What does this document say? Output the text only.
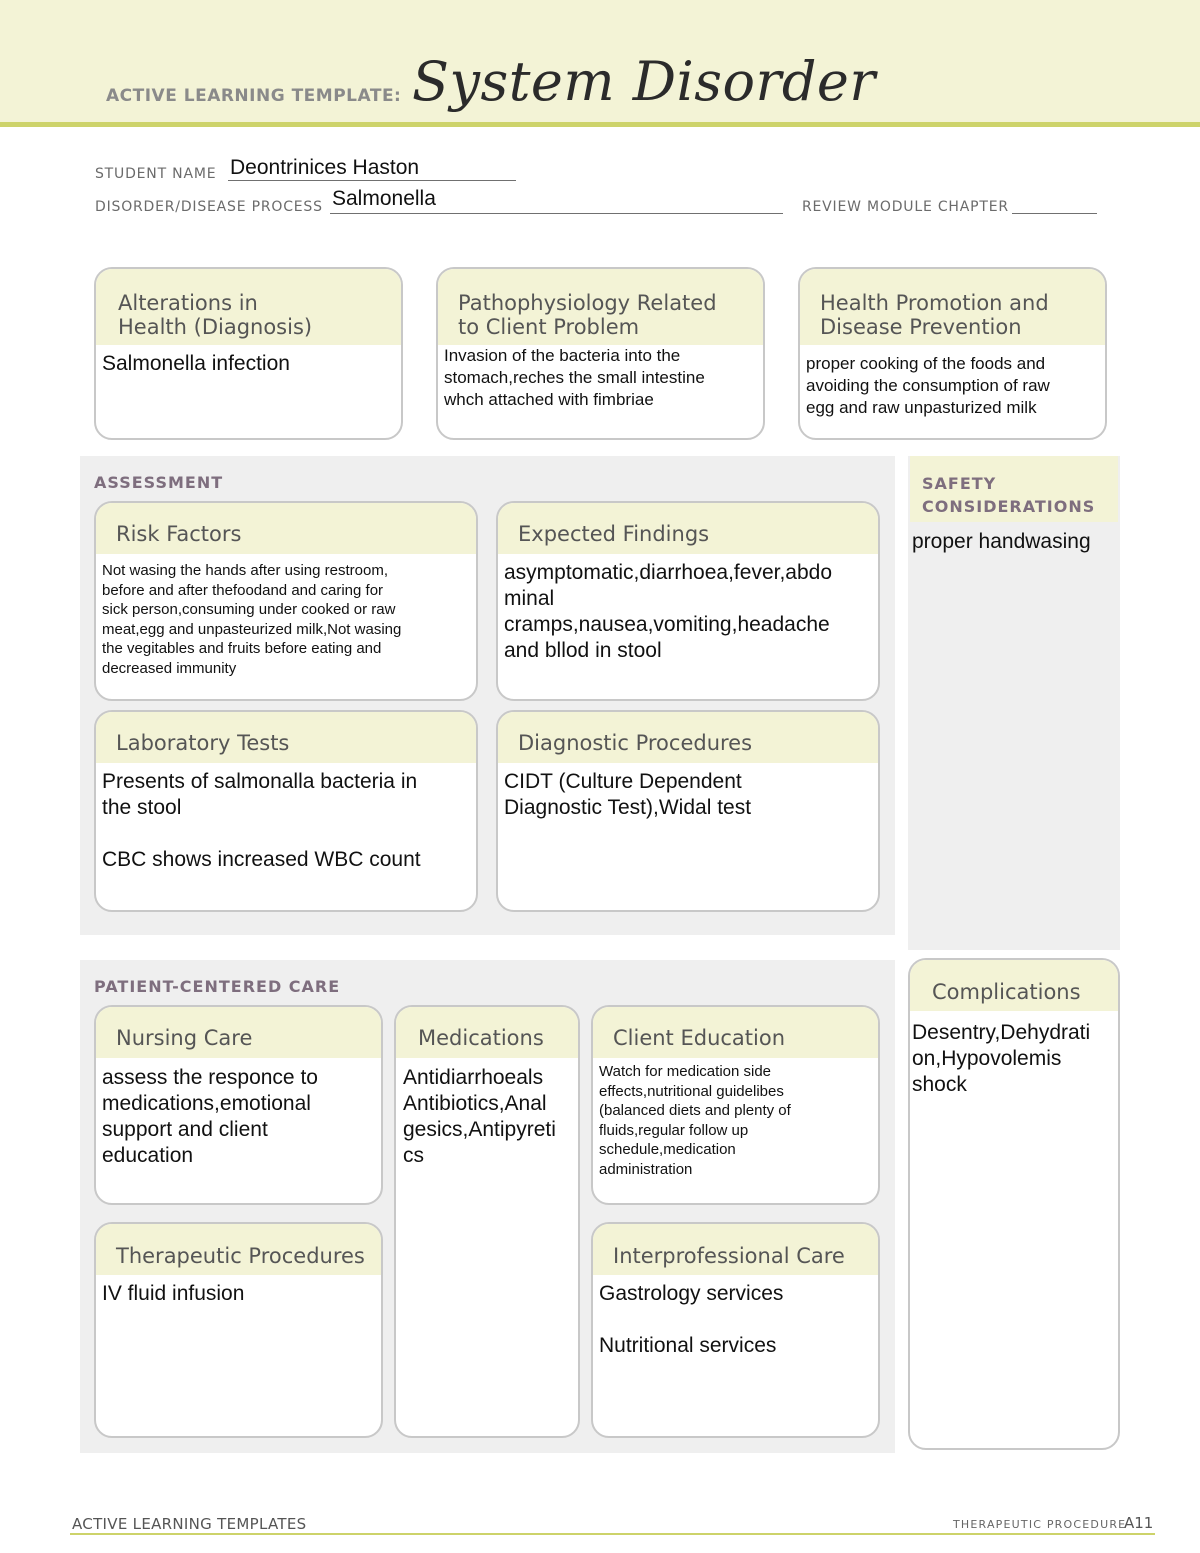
ACTIVE LEARNING TEMPLATE: System Disorder
STUDENT NAME Deontrinices Haston
DISORDER/DISEASE PROCESS Salmonella	REVIEW MODULE CHAPTER
Alterations in
Health (Diagnosis)
Salmonella infection
Pathophysiology Related
to Client Problem
Invasion of the bacteria into the
stomach,reches the small intestine
whch attached with fimbriae
Health Promotion and
Disease Prevention
proper cooking of the foods and
avoiding the consumption of raw
egg and raw unpasturized milk
ASSESSMENT
Risk Factors
Not wasing the hands after using restroom,
before and after thefoodand and caring for
sick person,consuming under cooked or raw
meat,egg and unpasteurized milk,Not wasing
the vegitables and fruits before eating and
decreased immunity
Expected Findings
asymptomatic,diarrhoea,fever,abdo
minal
cramps,nausea,vomiting,headache
and bllod in stool
Laboratory Tests
Presents of salmonalla bacteria in
the stool

CBC shows increased WBC count
Diagnostic Procedures
CIDT (Culture Dependent
Diagnostic Test),Widal test
SAFETY
CONSIDERATIONS
proper handwasing
PATIENT-CENTERED CARE
Nursing Care
assess the responce to
medications,emotional
support and client
education
Medications
Antidiarrhoeals
Antibiotics,Anal
gesics,Antipyreti
cs
Client Education
Watch for medication side
effects,nutritional guidelibes
(balanced diets and plenty of
fluids,regular follow up
schedule,medication
administration
Therapeutic Procedures
IV fluid infusion
Interprofessional Care
Gastrology services

Nutritional services
Complications
Desentry,Dehydrati
on,Hypovolemis
shock
ACTIVE LEARNING TEMPLATES	THERAPEUTIC PROCEDURE
A11
